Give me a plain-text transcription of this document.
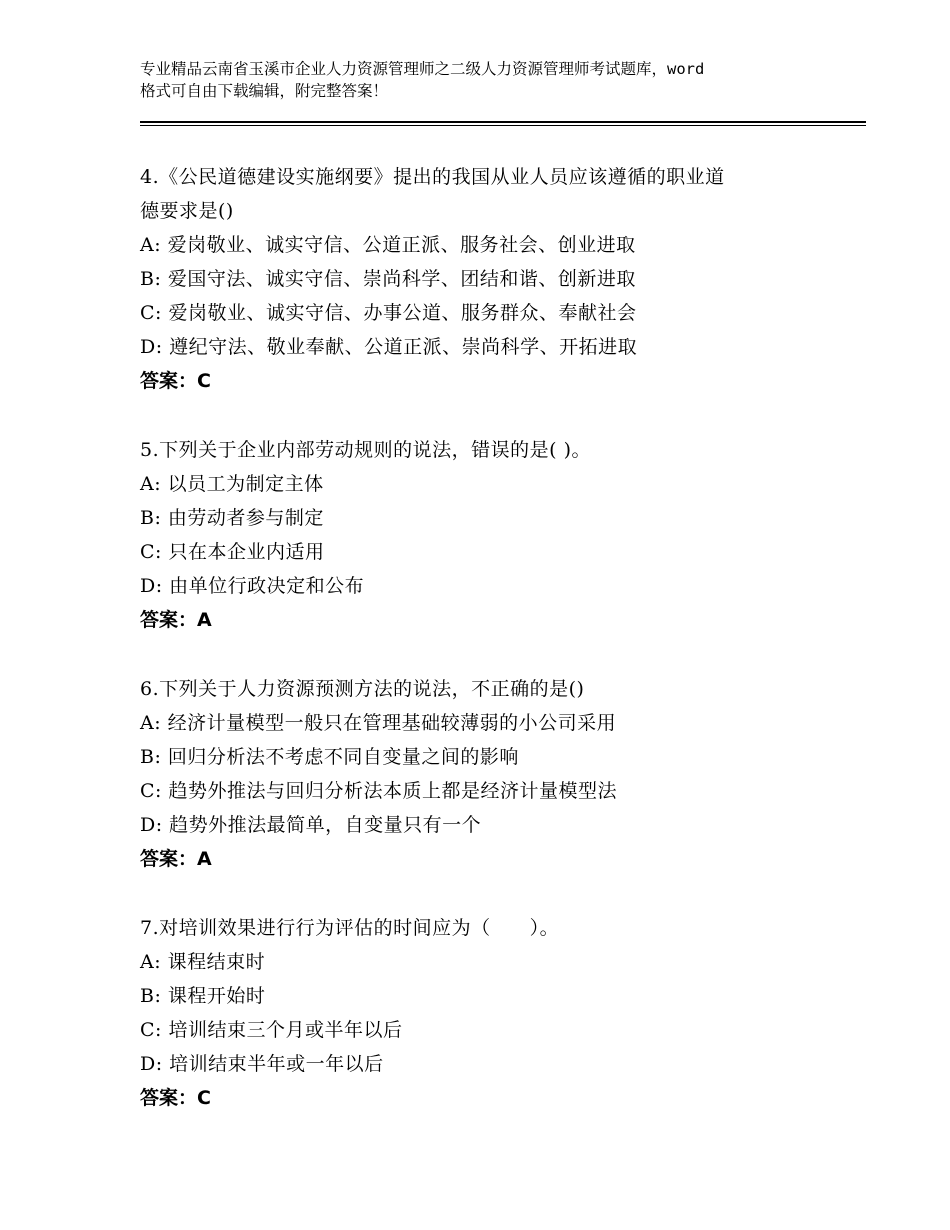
专业精品云南省玉溪市企业人力资源管理师之二级人力资源管理师考试题库，word
格式可自由下载编辑，附完整答案！
4.《公民道德建设实施纲要》提出的我国从业人员应该遵循的职业道
德要求是()
A: 爱岗敬业、诚实守信、公道正派、服务社会、创业进取
B: 爱国守法、诚实守信、崇尚科学、团结和谐、创新进取
C: 爱岗敬业、诚实守信、办事公道、服务群众、奉献社会
D: 遵纪守法、敬业奉献、公道正派、崇尚科学、开拓进取
答案：C
5.下列关于企业内部劳动规则的说法，错误的是( )。
A: 以员工为制定主体
B: 由劳动者参与制定
C: 只在本企业内适用
D: 由单位行政决定和公布
答案：A
6.下列关于人力资源预测方法的说法，不正确的是()
A: 经济计量模型一般只在管理基础较薄弱的小公司采用
B: 回归分析法不考虑不同自变量之间的影响
C: 趋势外推法与回归分析法本质上都是经济计量模型法
D: 趋势外推法最简单，自变量只有一个
答案：A
7.对培训效果进行行为评估的时间应为（　　）。
A: 课程结束时
B: 课程开始时
C: 培训结束三个月或半年以后
D: 培训结束半年或一年以后
答案：C
